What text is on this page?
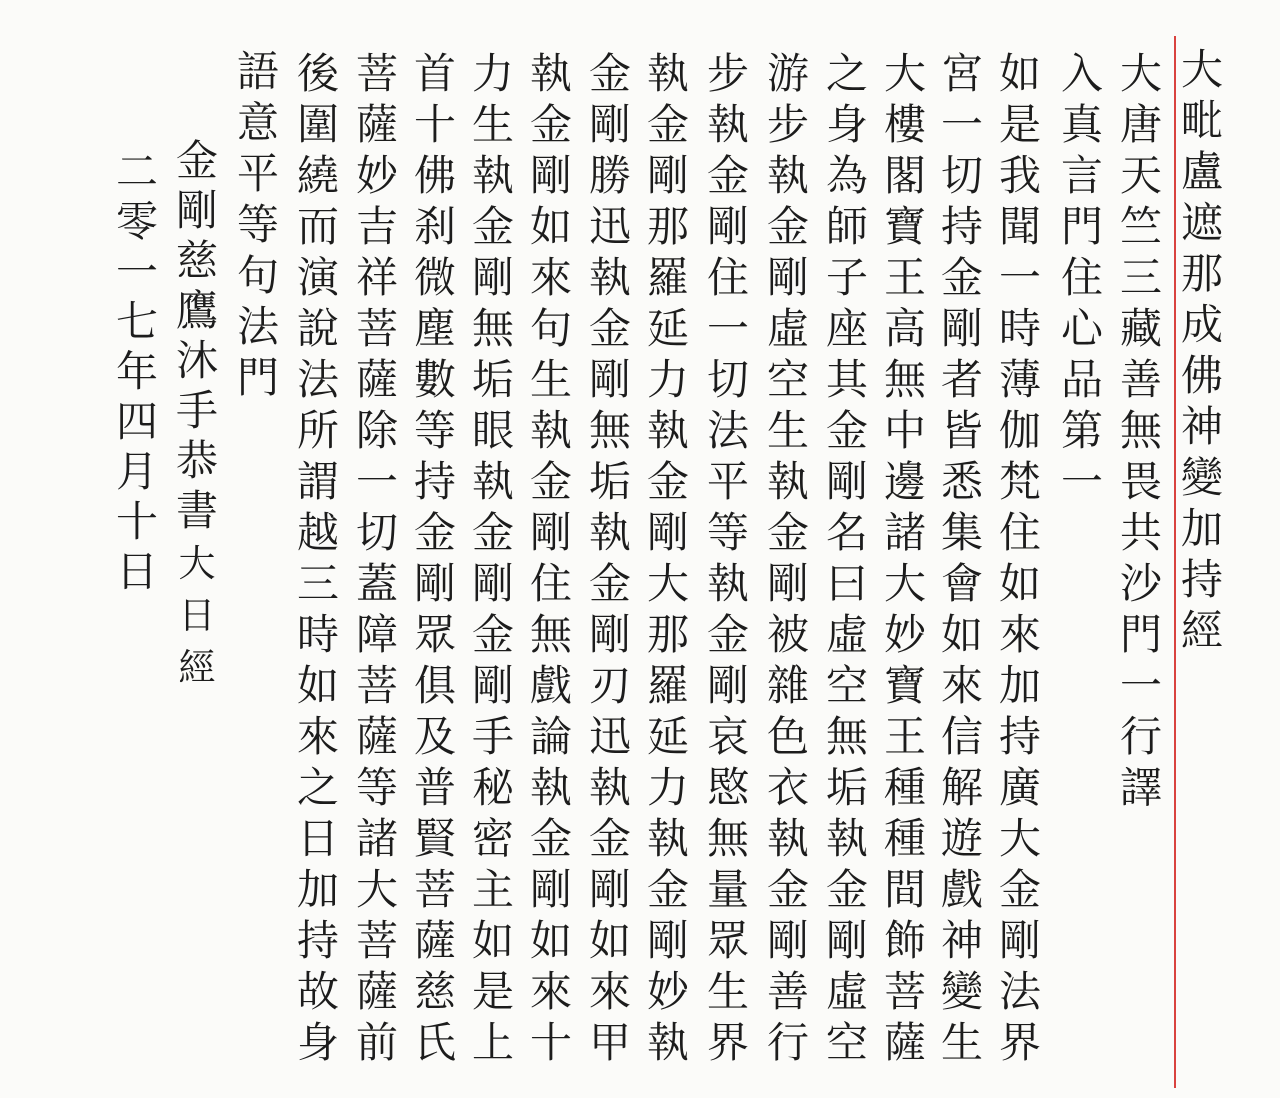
大
毗
盧
遮
那
成
佛
神
變
加
持
經
大
唐
天
竺
三
藏
善
無
畏
共
沙
門
一
行
譯
入
真
言
門
住
心
品
第
一
如
是
我
聞
一
時
薄
伽
梵
住
如
來
加
持
廣
大
金
剛
法
界
宮
一
切
持
金
剛
者
皆
悉
集
會
如
來
信
解
遊
戲
神
變
生
大
樓
閣
寶
王
高
無
中
邊
諸
大
妙
寶
王
種
種
間
飾
菩
薩
之
身
為
師
子
座
其
金
剛
名
曰
虛
空
無
垢
執
金
剛
虛
空
游
步
執
金
剛
虛
空
生
執
金
剛
被
雜
色
衣
執
金
剛
善
行
步
執
金
剛
住
一
切
法
平
等
執
金
剛
哀
愍
無
量
眾
生
界
執
金
剛
那
羅
延
力
執
金
剛
大
那
羅
延
力
執
金
剛
妙
執
金
剛
勝
迅
執
金
剛
無
垢
執
金
剛
刃
迅
執
金
剛
如
來
甲
執
金
剛
如
來
句
生
執
金
剛
住
無
戲
論
執
金
剛
如
來
十
力
生
執
金
剛
無
垢
眼
執
金
剛
金
剛
手
秘
密
主
如
是
上
首
十
佛
刹
微
塵
數
等
持
金
剛
眾
俱
及
普
賢
菩
薩
慈
氏
菩
薩
妙
吉
祥
菩
薩
除
一
切
蓋
障
菩
薩
等
諸
大
菩
薩
前
後
圍
繞
而
演
說
法
所
謂
越
三
時
如
來
之
日
加
持
故
身
語
意
平
等
句
法
門
金
剛
慈
鷹
沐
手
恭
書
大
日
經
二
零
一
七
年
四
月
十
日
